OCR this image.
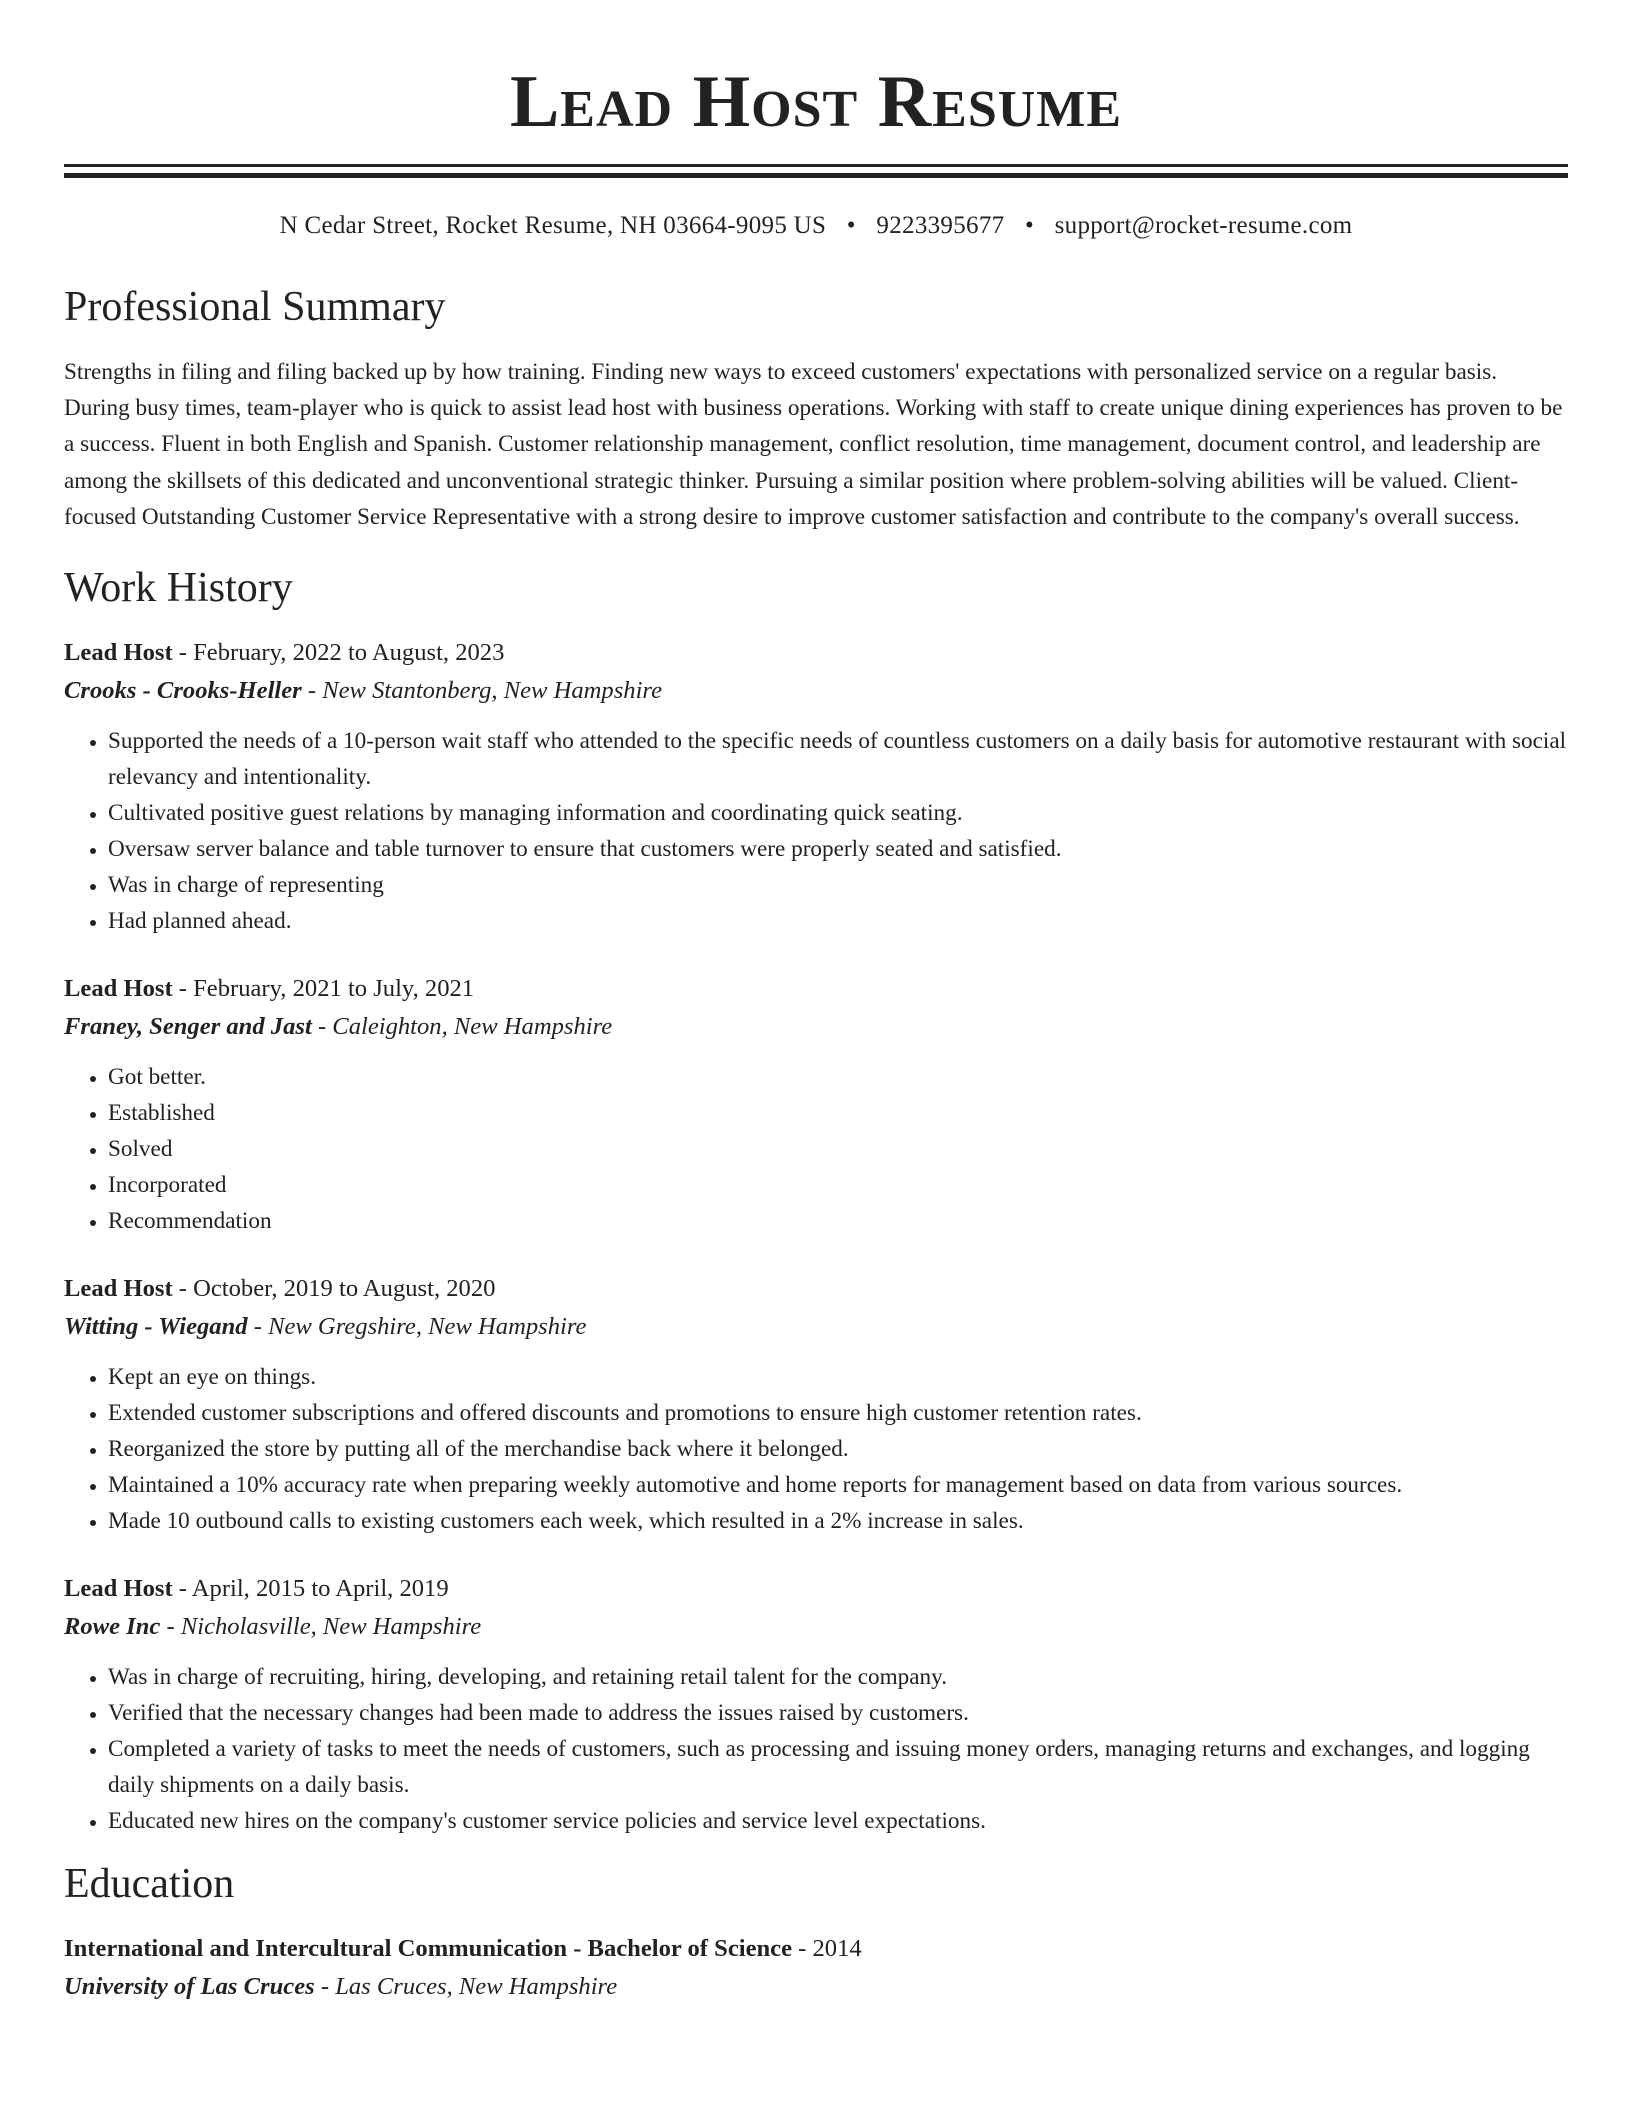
Lead Host Resume
N Cedar Street, Rocket Resume, NH 03664-9095 US • 9223395677 • support@rocket-resume.com
Professional Summary

Strengths in filing and filing backed up by how training. Finding new ways to exceed customers' expectations with personalized service on a regular basis. During busy times, team-player who is quick to assist lead host with business operations. Working with staff to create unique dining experiences has proven to be a success. Fluent in both English and Spanish. Customer relationship management, conflict resolution, time management, document control, and leadership are among the skillsets of this dedicated and unconventional strategic thinker. Pursuing a similar position where problem-solving abilities will be valued. Client-focused Outstanding Customer Service Representative with a strong desire to improve customer satisfaction and contribute to the company's overall success.

Work History
Lead Host - February, 2022 to August, 2023
Crooks - Crooks-Heller - New Stantonberg, New Hampshire
• Supported the needs of a 10-person wait staff who attended to the specific needs of countless customers on a daily basis for automotive restaurant with social relevancy and intentionality.
• Cultivated positive guest relations by managing information and coordinating quick seating.
• Oversaw server balance and table turnover to ensure that customers were properly seated and satisfied.
• Was in charge of representing
• Had planned ahead.
Lead Host - February, 2021 to July, 2021
Franey, Senger and Jast - Caleighton, New Hampshire
• Got better.
• Established
• Solved
• Incorporated
• Recommendation
Lead Host - October, 2019 to August, 2020
Witting - Wiegand - New Gregshire, New Hampshire
• Kept an eye on things.
• Extended customer subscriptions and offered discounts and promotions to ensure high customer retention rates.
• Reorganized the store by putting all of the merchandise back where it belonged.
• Maintained a 10% accuracy rate when preparing weekly automotive and home reports for management based on data from various sources.
• Made 10 outbound calls to existing customers each week, which resulted in a 2% increase in sales.
Lead Host - April, 2015 to April, 2019
Rowe Inc - Nicholasville, New Hampshire
• Was in charge of recruiting, hiring, developing, and retaining retail talent for the company.
• Verified that the necessary changes had been made to address the issues raised by customers.
• Completed a variety of tasks to meet the needs of customers, such as processing and issuing money orders, managing returns and exchanges, and logging daily shipments on a daily basis.
• Educated new hires on the company's customer service policies and service level expectations.
Education
International and Intercultural Communication - Bachelor of Science - 2014
University of Las Cruces - Las Cruces, New Hampshire
